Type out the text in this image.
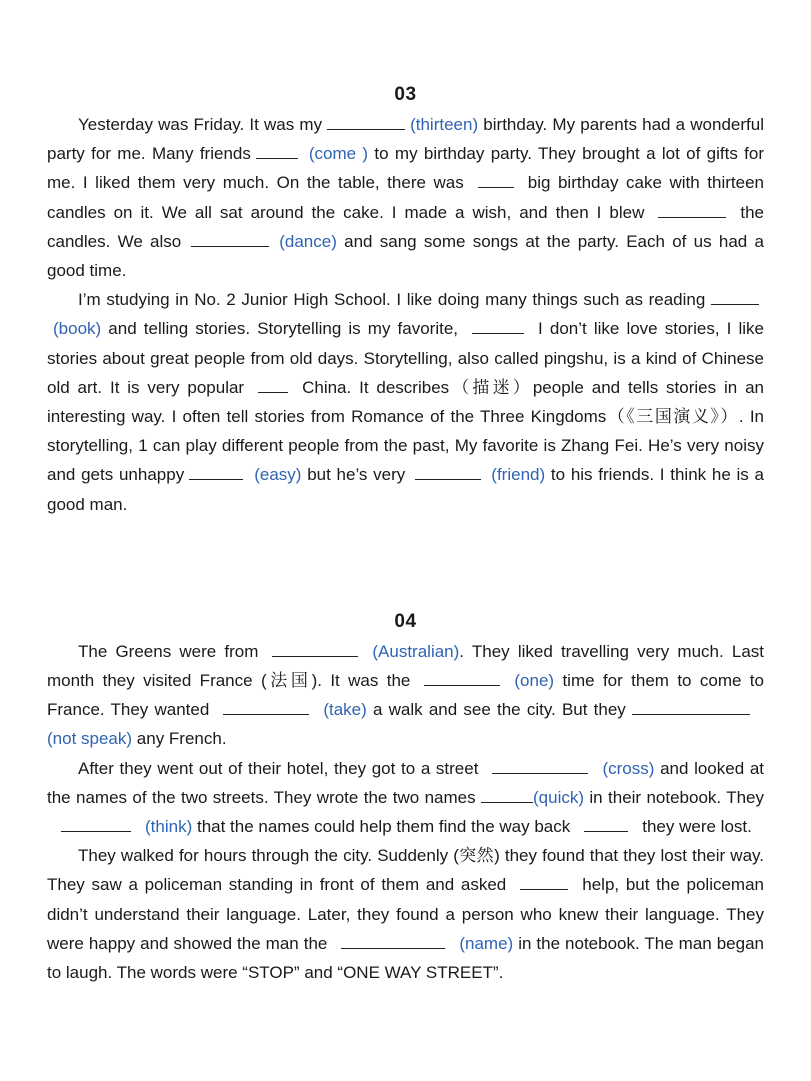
03

Yesterday was Friday. It was my	(thirteen) birthday. My parents had a wonderful party for me. Many friends	(come ) to my birthday party. They brought a lot of gifts for me. I liked them very much. On the table, there was	big birthday cake with thirteen candles on it. We all sat around the cake. I made a wish, and then I blew	the candles. We also	(dance) and sang some songs at the party. Each of us had a good time.

I’m studying in No. 2 Junior High School. I like doing many things such as reading (book) and telling stories. Storytelling is my favorite,	I don’t like love stories, I like stories about great people from old days. Storytelling, also called pingshu, is a kind of Chinese old art. It is very popular	China. It describes（描迷）people and tells stories in an interesting way. I often tell stories from Romance of the Three Kingdoms（《三国演义》）. In storytelling, 1 can play different people from the past, My favorite is Zhang Fei. He’s very noisy and gets unhappy	(easy) but he’s very	(friend) to his friends. I think he is a good man.

04

The Greens were from	(Australian). They liked travelling very much. Last month they visited France (法国). It was the	(one) time for them to come to France. They wanted	(take) a walk and see the city. But they (not speak) any French.

After they went out of their hotel, they got to a street	(cross) and looked at the names of the two streets. They wrote the two names	(quick) in their notebook. They(think) that the names could help them find the way back	they were lost.

They walked for hours through the city. Suddenly (突然) they found that they lost their way. They saw a policeman standing in front of them and asked	help, but the policeman didn’t understand their language. Later, they found a person who knew their language. They were happy and showed the man the	(name) in the notebook. The man began to laugh. The words were “STOP” and “ONE WAY STREET”.
